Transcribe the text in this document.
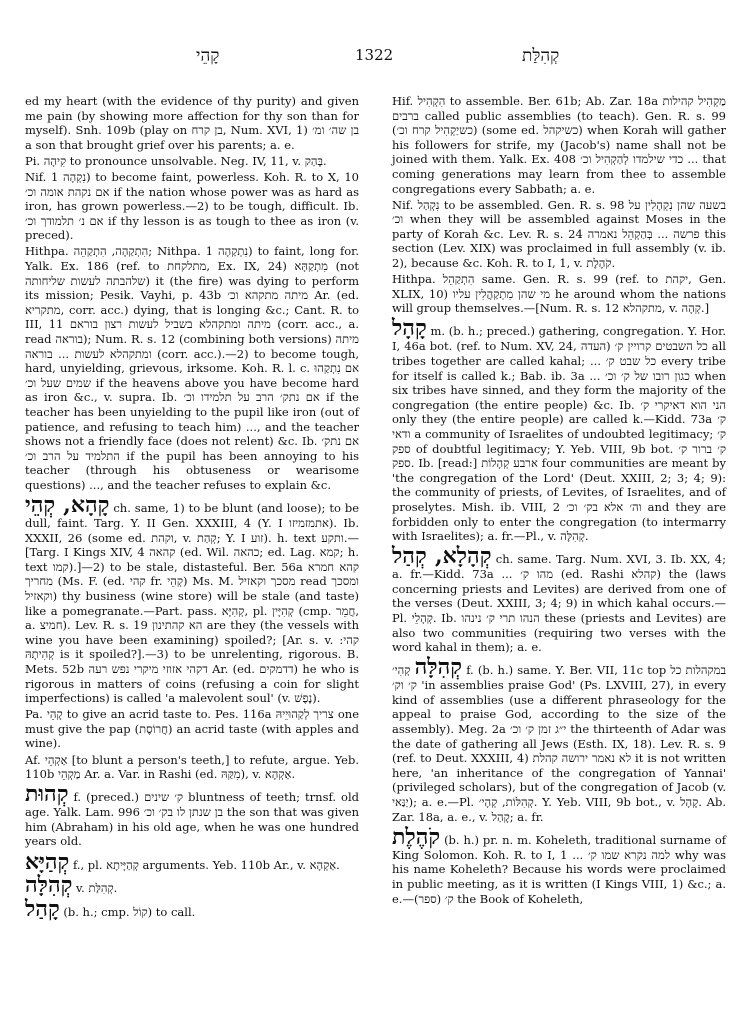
קָהֵי	1322	קְהִלַּת

ed my heart (with the evidence of thy purity) and given me pain (by showing more affection for thy son than for myself). Snh. 109b (play on בן קרח, Num. XVI, 1) בן שה׳ ומ׳ a son that brought grief over his parents; a. e.

Pi. קִיהָה to pronounce unsolvable. Neg. IV, 11, v. בָּהַק.

Nif. נִקְהָה 1) to become faint, powerless. Koh. R. to X, 10 אם נקהת אומה וכ׳ if the nation whose power was as hard as iron, has grown powerless.—2) to be tough, difficult. Ib. אם נ׳ תלמודך וכ׳ if thy lesson is as tough to thee as iron (v. preced).

Hithpa. הִתְקַהָה, הִתְקַהֵה; Nithpa. נִתְקַהָה 1) to faint, long for. Yalk. Ex. 186 (ref. to מתלקחת, Ex. IX, 24) מִתְקַהָּא (not שלהבתה לעשות שליחותה) it (the fire) was dying to perform its mission; Pesik. Vayhi, p. 43b מיתה מתקהא וכ׳ Ar. (ed. מתקריא, corr. acc.) dying, that is longing &c.; Cant. R. to III, 11 מיתה ומתקהלא בשביל לעשות רצון בוראם (corr. acc., a. read בוראה); Num. R. s. 12 (combining both versions) מיתה ומתקהלא לעשות ... בוראה (corr. acc.).—2) to become tough, hard, unyielding, grievous, irksome. Koh. R. l. c. אם נִתְקַהוּ שמים שעל וכ׳ if the heavens above you have become hard as iron &c., v. supra. Ib. אם נתק׳ הרב על תלמידו וכ׳ if the teacher has been unyielding to the pupil like iron (out of patience, and refusing to teach him) ..., and the teacher shows not a friendly face (does not relent) &c. Ib. אם נתק׳ התלמיד על הרב וכ׳ if the pupil has been annoying to his teacher (through his obtuseness or wearisome questions) ..., and the teacher refuses to explain &c.

קָהָא, קְהֵי ch. same, 1) to be blunt (and loose); to be dull, faint. Targ. Y. II Gen. XXXIII, 4 (Y. I אתמזמיזו). Ib. XXXII, 26 (some ed. וקהת, v. קְהַת; Y. I זוע). h. text ותקע.—[Targ. I Kings XIV, 4 קהאה (ed. Wil. כהאה; ed. Lag. קמא; h. text קמו).]—2) to be stale, distasteful. Ber. 56a קהא חמרא מחריך (Ms. F. (ed. קהי fr. קְהֵי) Ms. M. מסכך וקאזיל read ומסכך וקאזיל) thy business (wine store) will be stale (and taste) like a pomegranate.—Part. pass. קְהִיָּא, pl. קְהִיָּין (cmp. חֲמֵר, a. חמיצ). Lev. R. s. 19 הא קהתינון are they (the vessels with wine you have been examining) spoiled?; [Ar. s. v. קהי: קְהִיתָהּ is it spoiled?].—3) to be unrelenting, rigorous. B. Mets. 52b דקהי אזוזי מיקרי נפש רעה Ar. (ed. דדמקים) he who is rigorous in matters of coins (refusing a coin for slight imperfections) is called 'a malevolent soul' (v. נֶפֶשׁ).

Pa. קָהֵי to give an acrid taste to. Pes. 116a צריך לְקַהוּיֵיהּ one must give the pap (חֲרוֹסֶת) an acrid taste (with apples and wine).

Af. אַקְהֵי [to blunt a person's teeth,] to refute, argue. Yeb. 110b מַקְהֵי Ar. a. Var. in Rashi (ed. מִקַּהּ), v. אַקְהָא.

קְהוּת f. (preced.) ק׳ שינים bluntness of teeth; trnsf. old age. Yalk. Lam. 996 בן שנתן לו בק׳ וכ׳ the son that was given him (Abraham) in his old age, when he was one hundred years old.

קְהַיָּא f., pl. קְהַיָּיתָא arguments. Yeb. 110b Ar., v. אַקְהָא.

קְהִלָּה v. קְהִלַּת.

קָהַל (b. h.; cmp. קוֹל) to call.

Hif. הִקְהִיל to assemble. Ber. 61b; Ab. Zar. 18a מַקְהִיל קהילות ברבים called public assemblies (to teach). Gen. R. s. 99 (כשיַקְהִיל קרח וכ׳) (some ed. כשיקהל) when Korah will gather his followers for strife, my (Jacob's) name shall not be joined with them. Yalk. Ex. 408 כדי שילמדו לְהַקְהִיל וכ׳ ... that coming generations may learn from thee to assemble congregations every Sabbath; a. e.

Nif. נִקְהַל to be assembled. Gen. R. s. 98 בשעה שהן נִקְהָלִין על וכ׳ when they will be assembled against Moses in the party of Korah &c. Lev. R. s. 24 פרשה ... בְּהַקְהֵל נאמרה this section (Lev. XIX) was proclaimed in full assembly (v. ib. 2), because &c. Koh. R. to I, 1, v. קֹהֶלֶת.

Hithpa. הִתְקַהֵל same. Gen. R. s. 99 (ref. to יקהת, Gen. XLIX, 10) מי שהן מִתְקַהֲלִין עליו he around whom the nations will group themselves.—[Num. R. s. 12 מתקהלא, v. קְהָה.]

קָהָל m. (b. h.; preced.) gathering, congregation. Y. Hor. I, 46a bot. (ref. to Num. XV, 24, העדה) כל השבטים קרויין ק׳ all tribes together are called kahal; ... כל שבט ק׳ every tribe for itself is called k.; Bab. ib. 3a ... כגון רובו של ק׳ וכ׳ when six tribes have sinned, and they form the majority of the congregation (the entire people) &c. Ib. הני הוא דאיקרי ק׳ only they (the entire people) are called k.—Kidd. 73a ק׳ ודאי a community of Israelites of undoubted legitimacy; ק׳ ספק of doubtful legitimacy; Y. Yeb. VIII, 9b bot. ק׳ ברור ק׳ ספק. Ib. [read:] ארבע קְהָלוֹת four communities are meant by 'the congregation of the Lord' (Deut. XXIII, 2; 3; 4; 9): the community of priests, of Levites, of Israelites, and of proselytes. Mish. ib. VIII, 2 וה׳ אלא בק׳ וכ׳ and they are forbidden only to enter the congregation (to intermarry with Israelites); a. fr.—Pl., v. קְהִלָּה.

קְהָלָא, קְהַל ch. same. Targ. Num. XVI, 3. Ib. XX, 4; a. fr.—Kidd. 73a ... מהו ק׳ (ed. Rashi קהלא) the (laws concerning priests and Levites) are derived from one of the verses (Deut. XXIII, 3; 4; 9) in which kahal occurs.—Pl. קְהָלֵי. Ib. הנהו תרי ק׳ נינהו these (priests and Levites) are also two communities (requiring two verses with the word kahal in them); a. e.

קְהִלָּה קְהִי׳ f. (b. h.) same. Y. Ber. VII, 11c top במקהלות כל ק׳ וק׳ 'in assemblies praise God' (Ps. LXVIII, 27), in every kind of assemblies (use a different phraseology for the appeal to praise God, according to the size of the assembly). Meg. 2a י״ג זמן ק׳ וכ׳ the thirteenth of Adar was the date of gathering all Jews (Esth. IX, 18). Lev. R. s. 9 (ref. to Deut. XXXIII, 4) לא נאמר ירושה קהלת it is not written here, 'an inheritance of the congregation of Yannai' (privileged scholars), but of the congregation of Jacob (v. יַנַּאי); a. e.—Pl. קְהִלּוֹת, קְהָי׳. Y. Yeb. VIII, 9b bot., v. קָהָל. Ab. Zar. 18a, a. e., v. קָהַל; a. fr.

קֹהֶלֶת (b. h.) pr. n. m. Koheleth, traditional surname of King Solomon. Koh. R. to I, 1 ... למה נקרא שמו ק׳ why was his name Koheleth? Because his words were proclaimed in public meeting, as it is written (I Kings VIII, 1) &c.; a. e.—(ספר) ק׳ the Book of Koheleth,
